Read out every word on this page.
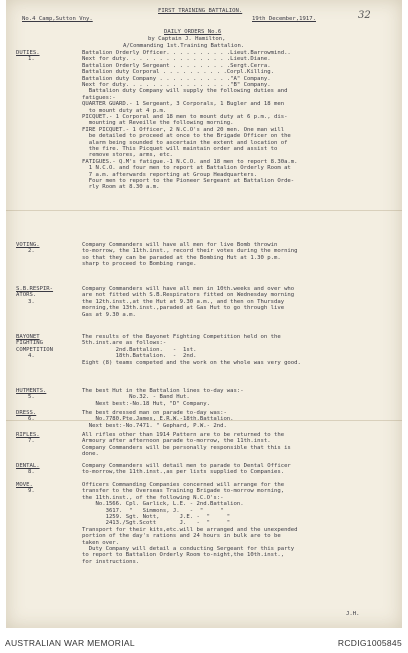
FIRST TRAINING BATTALION.
No.4 Camp,Sutton Vny.	19th December,1917.	32
DAILY ORDERS No.6
by Captain J. Hamilton,
A/Commanding 1st.Training Battalion.
DUTIES.
1.
Battalion Orderly Officer. . . . . . . . . .Lieut.Barrowmind..
Next for duty. . . . . . . . . . . . . . . .Lieut.Diane.
Battalion Orderly Sergeant . . . . . . . . .Sergt.Cerra.
Battalion duty Corporal . . . . . . . . . .Corpl.Killing.
Battalion duty Company . . . . . . . . . . ."A" Company.
Next for duty. . . . . . . . . . . . . . . ."B" Company.
Battalion duty Company will supply the following duties and
fatigues:-
QUARTER GUARD.- 1 Sergeant, 3 Corporals, 1 Bugler and 18 men
to mount duty at 4 p.m.
PICQUET.- 1 Corporal and 18 men to mount duty at 6 p.m., dis-
mounting at Reveille the following morning.
FIRE PICQUET.- 1 Officer, 2 N.C.O's and 20 men. One man will
be detailed to proceed at once to the Brigade Officer on the
alarm being sounded to ascertain the extent and location of
the fire. This Picquet will maintain order and assist to
remove stores, arms, etc.
FATIGUES.- Q.M's fatigue.-1 N.C.O. and 18 men to report 8.30a.m.
1 N.C.O. and four men to report at Battalion Orderly Room at
7 a.m. afterwards reporting at Group Headquarters.
Four men to report to the Pioneer Sergeant at Battalion Orde-
rly Room at 8.30 a.m.
VOTING.
2.
Company Commanders will have all men for live Bomb throwin
to-morrow, the 11th.inst., record their votes during the morning
so that they can be paraded at the Bombing Hut at 1.30 p.m.
sharp to proceed to Bombing range.
S.B.RESPIR-
ATORS.
3.
Company Commanders will have all men in 10th.weeks and over who
are not fitted with S.B.Respirators fitted on Wednesday morning
the 12th.inst.,at the Hut at 9.30 a.m., and then on Thursday
morning,the 13th.inst.,paraded at Gas Hut to go through live
Gas at 9.30 a.m.
BAYONET
FIGHTING
COMPETITION
4.
The results of the Bayonet Fighting Competition held on the
5th.inst.are as follows:-
2nd.Battalion.   -  1st.
18th.Battalion.  -  2nd.
Eight (8) teams competed and the work on the whole was very good.
HUTMENTS.
5.
The best Hut in the Battalion lines to-day was:-
No.32. - Band Hut.
Next best:-No.18 Hut, "D" Company.
DRESS.
6.
The best dressed man on parade to-day was:-
No.7780.Pte.James, E.R.W.-18th.Battalion.
Next best:-No.7471. " Gephard, P.W.- 2nd.
RIFLES.
7.
All rifles other than 1914 Pattern are to be returned to the
Armoury after afternoon parade to-morrow, the 11th.inst.
Company Commanders will be personally responsible that this is
done.
DENTAL.
8.
Company Commanders will detail men to parade to Dental Officer
to-morrow,the 11th.inst.,as per lists supplied to Companies.
MOVE.
9.
Officers Commanding Companies concerned will arrange for the
transfer to the Overseas Training Brigade to-morrow morning,
the 11th.inst., of the following N.C.O's:-
No.1566. Cpl. Garlick, L.E. - 2nd.Battalion.
3617.  "   Simmons, J.   -  "     "
1259. Sgt. Nott,      J.E. -  "     "
2413./Sgt.Scott       J.   -  "     "
Transport for their kits,etc.will be arranged and the unexpended
portion of the day's rations and 24 hours in bulk are to be
taken over.
Duty Company will detail a conducting Sergeant for this party
to report to Battalion Orderly Room to-night,the 10th.inst.,
for instructions.
J.H.
AUSTRALIAN WAR MEMORIAL	RCDIG1005845
